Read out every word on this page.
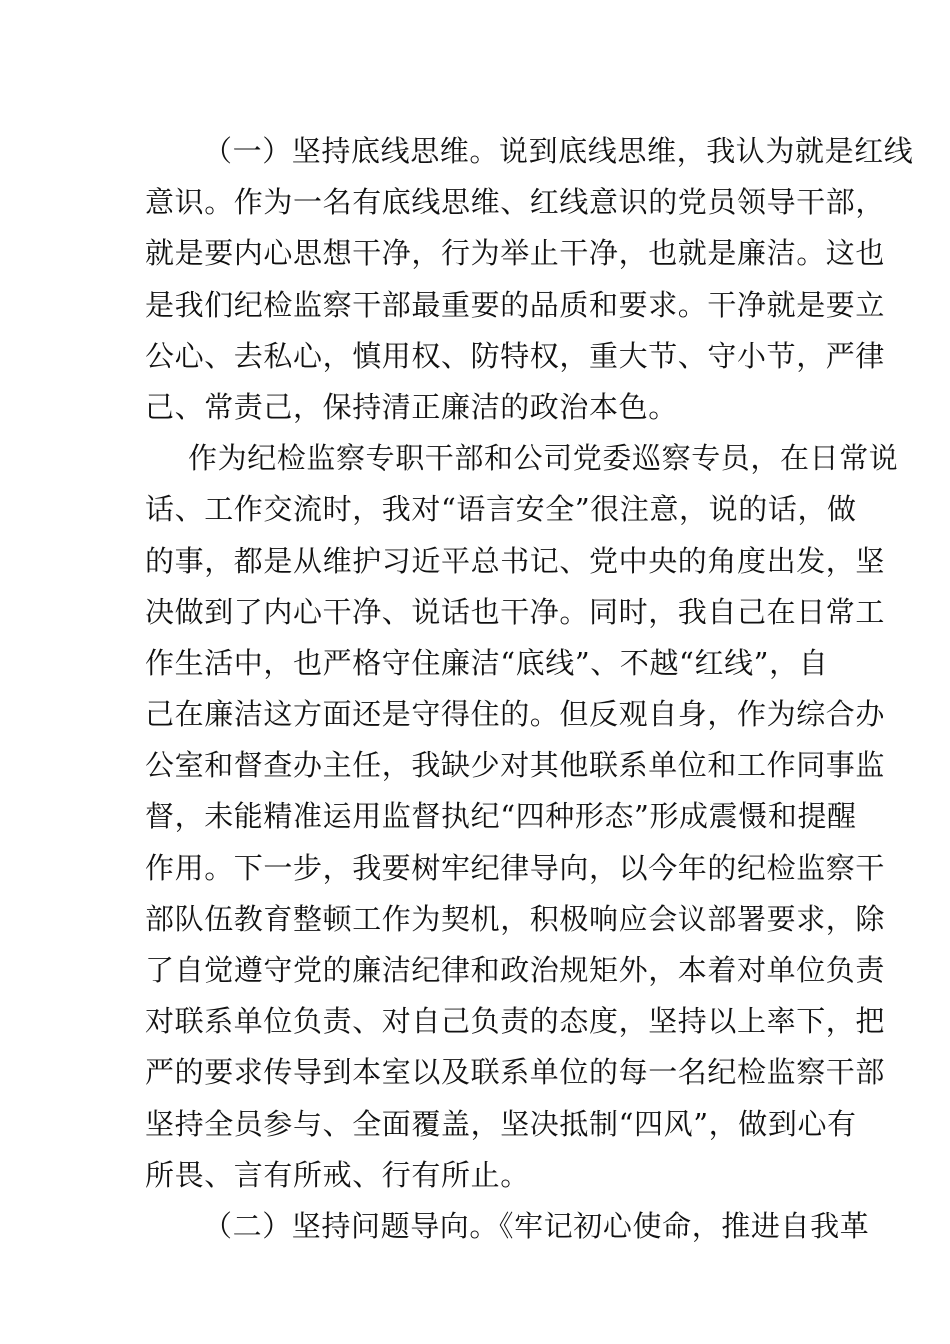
（一）坚持底线思维。说到底线思维，我认为就是红线
意识。作为一名有底线思维、红线意识的党员领导干部，
就是要内心思想干净，行为举止干净，也就是廉洁。这也
是我们纪检监察干部最重要的品质和要求。干净就是要立
公心、去私心，慎用权、防特权，重大节、守小节，严律
己、常责己，保持清正廉洁的政治本色。
作为纪检监察专职干部和公司党委巡察专员，在日常说
话、工作交流时，我对“语言安全”很注意，说的话，做
的事，都是从维护习近平总书记、党中央的角度出发，坚
决做到了内心干净、说话也干净。同时，我自己在日常工
作生活中，也严格守住廉洁“底线”、不越“红线”，自
己在廉洁这方面还是守得住的。但反观自身，作为综合办
公室和督查办主任，我缺少对其他联系单位和工作同事监
督，未能精准运用监督执纪“四种形态”形成震慑和提醒
作用。下一步，我要树牢纪律导向，以今年的纪检监察干
部队伍教育整顿工作为契机，积极响应会议部署要求，除
了自觉遵守党的廉洁纪律和政治规矩外，本着对单位负责
对联系单位负责、对自己负责的态度，坚持以上率下，把
严的要求传导到本室以及联系单位的每一名纪检监察干部
坚持全员参与、全面覆盖，坚决抵制“四风”，做到心有
所畏、言有所戒、行有所止。
（二）坚持问题导向。《牢记初心使命，推进自我革
